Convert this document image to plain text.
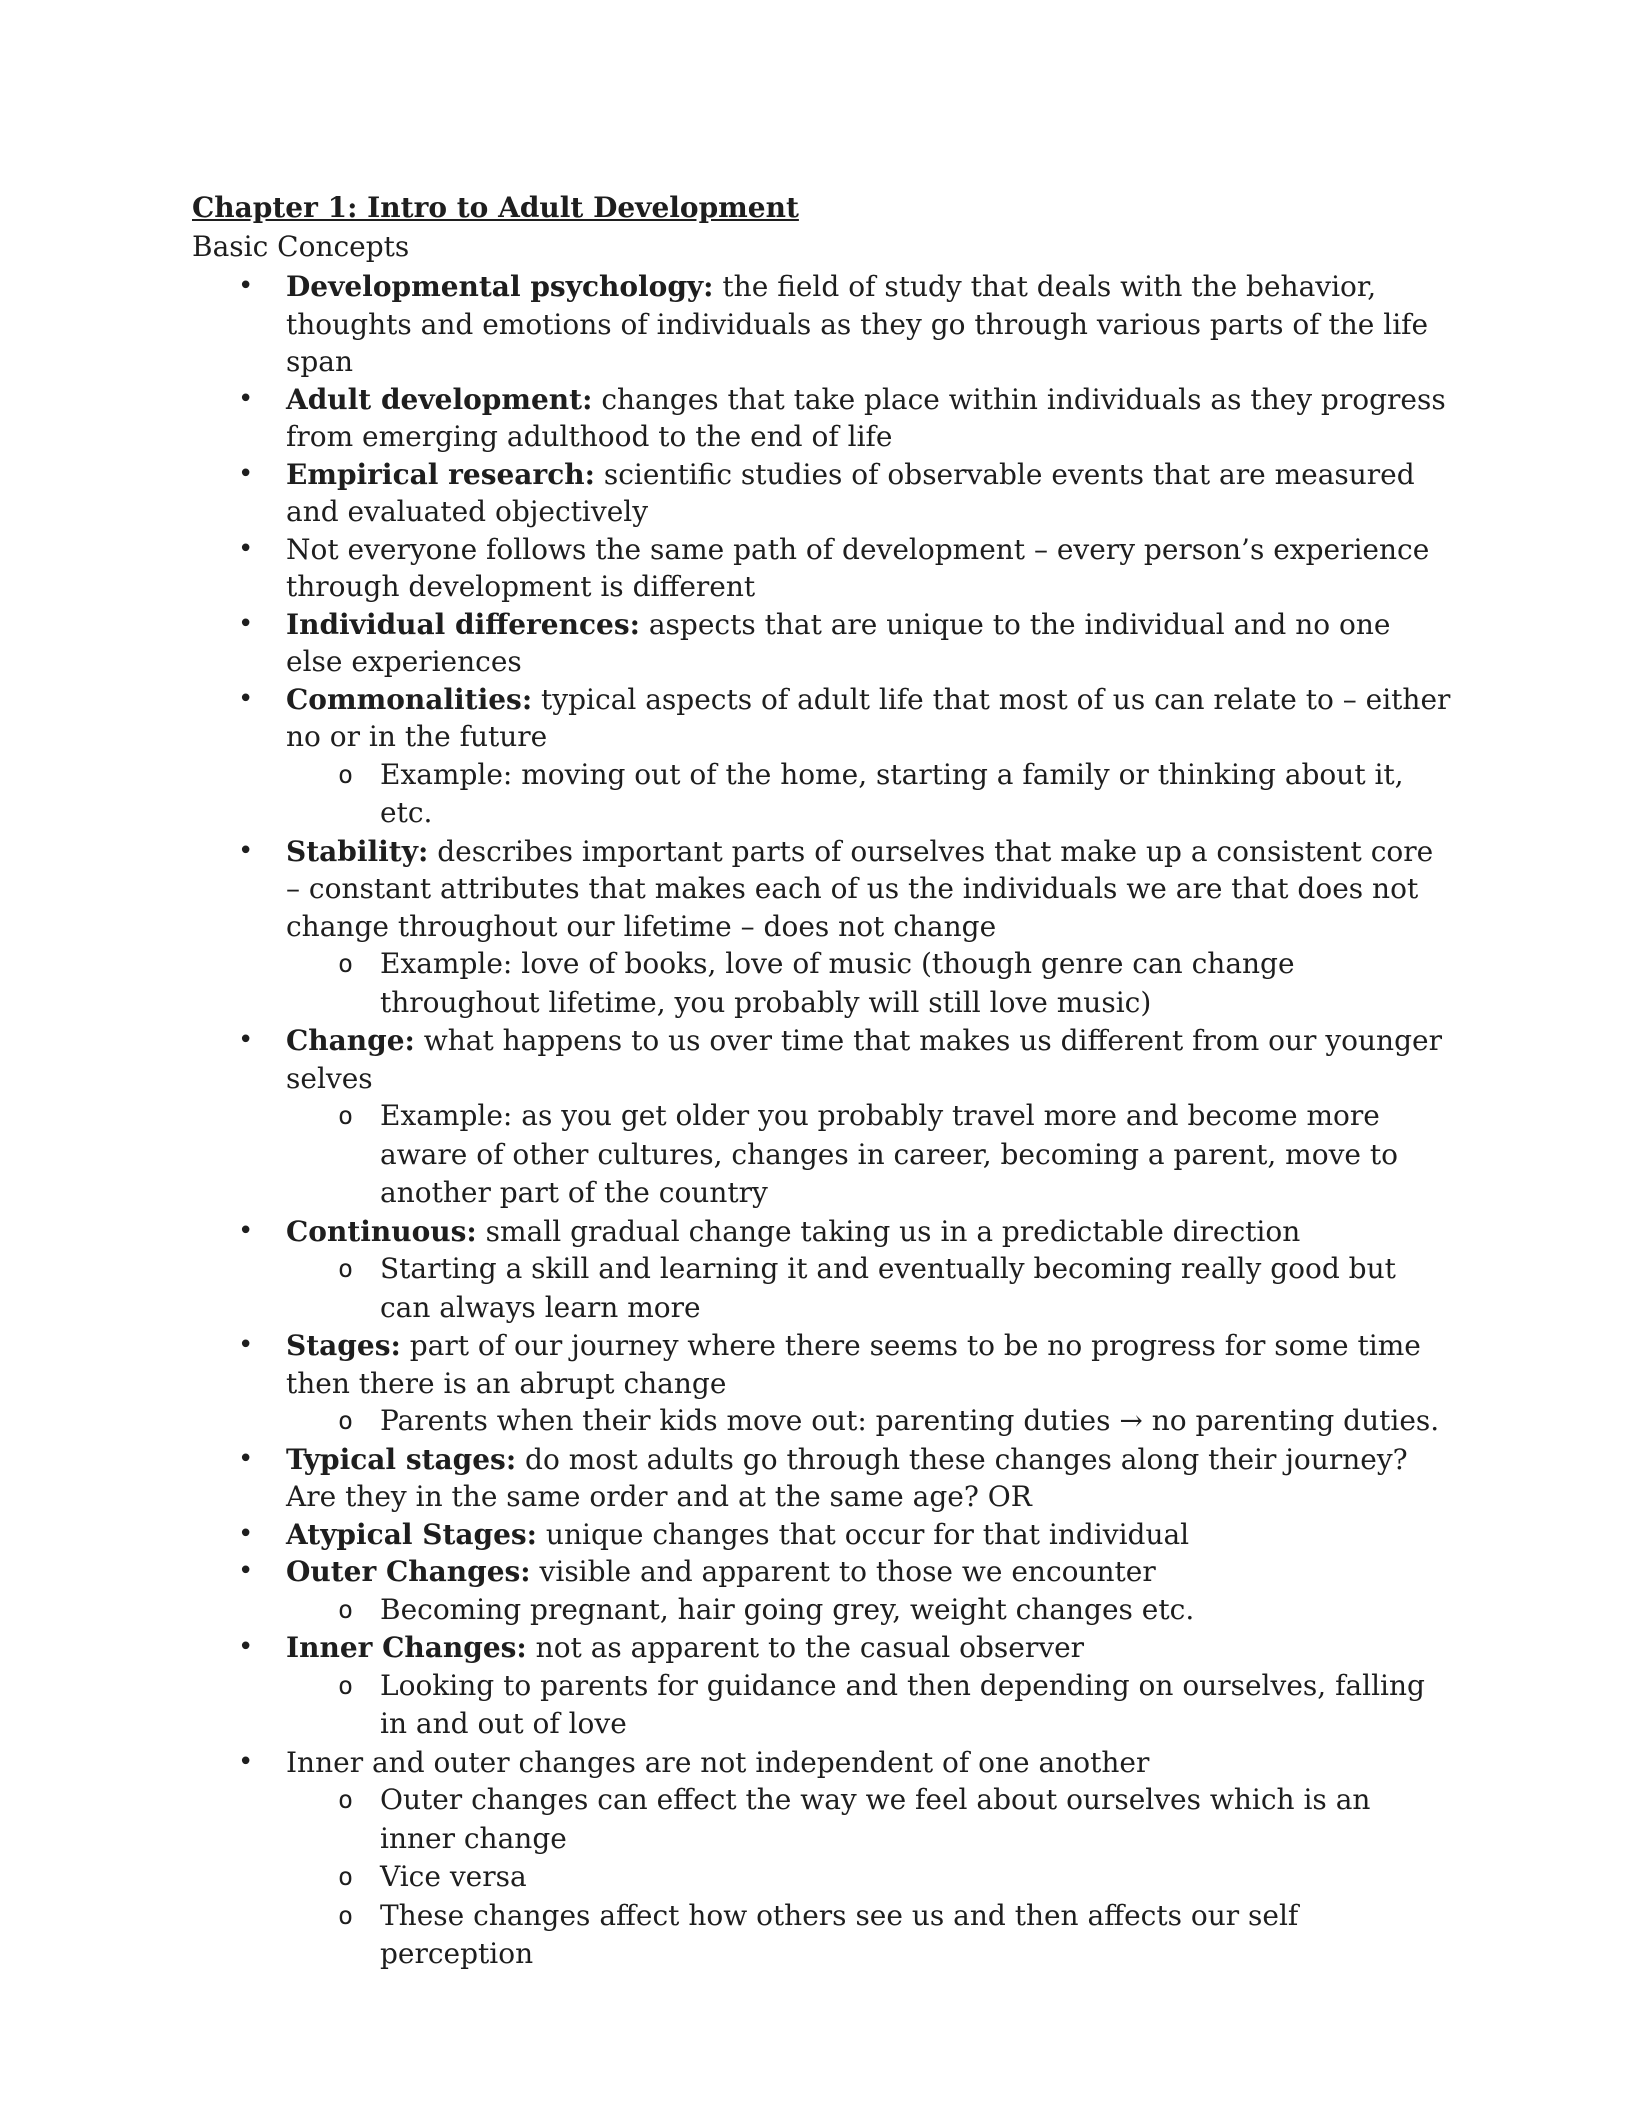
Chapter 1: Intro to Adult Development

Basic Concepts

• Developmental psychology: the field of study that deals with the behavior, thoughts and emotions of individuals as they go through various parts of the life span
• Adult development: changes that take place within individuals as they progress from emerging adulthood to the end of life
• Empirical research: scientific studies of observable events that are measured and evaluated objectively
• Not everyone follows the same path of development – every person’s experience through development is different
• Individual differences: aspects that are unique to the individual and no one else experiences
• Commonalities: typical aspects of adult life that most of us can relate to – either no or in the future
o Example: moving out of the home, starting a family or thinking about it, etc.
• Stability: describes important parts of ourselves that make up a consistent core – constant attributes that makes each of us the individuals we are that does not change throughout our lifetime – does not change
o Example: love of books, love of music (though genre can change throughout lifetime, you probably will still love music)
• Change: what happens to us over time that makes us different from our younger selves
o Example: as you get older you probably travel more and become more aware of other cultures, changes in career, becoming a parent, move to another part of the country
• Continuous: small gradual change taking us in a predictable direction
o Starting a skill and learning it and eventually becoming really good but can always learn more
• Stages: part of our journey where there seems to be no progress for some time then there is an abrupt change
o Parents when their kids move out: parenting duties → no parenting duties.
• Typical stages: do most adults go through these changes along their journey? Are they in the same order and at the same age? OR
• Atypical Stages: unique changes that occur for that individual
• Outer Changes: visible and apparent to those we encounter
o Becoming pregnant, hair going grey, weight changes etc.
• Inner Changes: not as apparent to the casual observer
o Looking to parents for guidance and then depending on ourselves, falling in and out of love
• Inner and outer changes are not independent of one another
o Outer changes can effect the way we feel about ourselves which is an inner change
o Vice versa
o These changes affect how others see us and then affects our self perception
